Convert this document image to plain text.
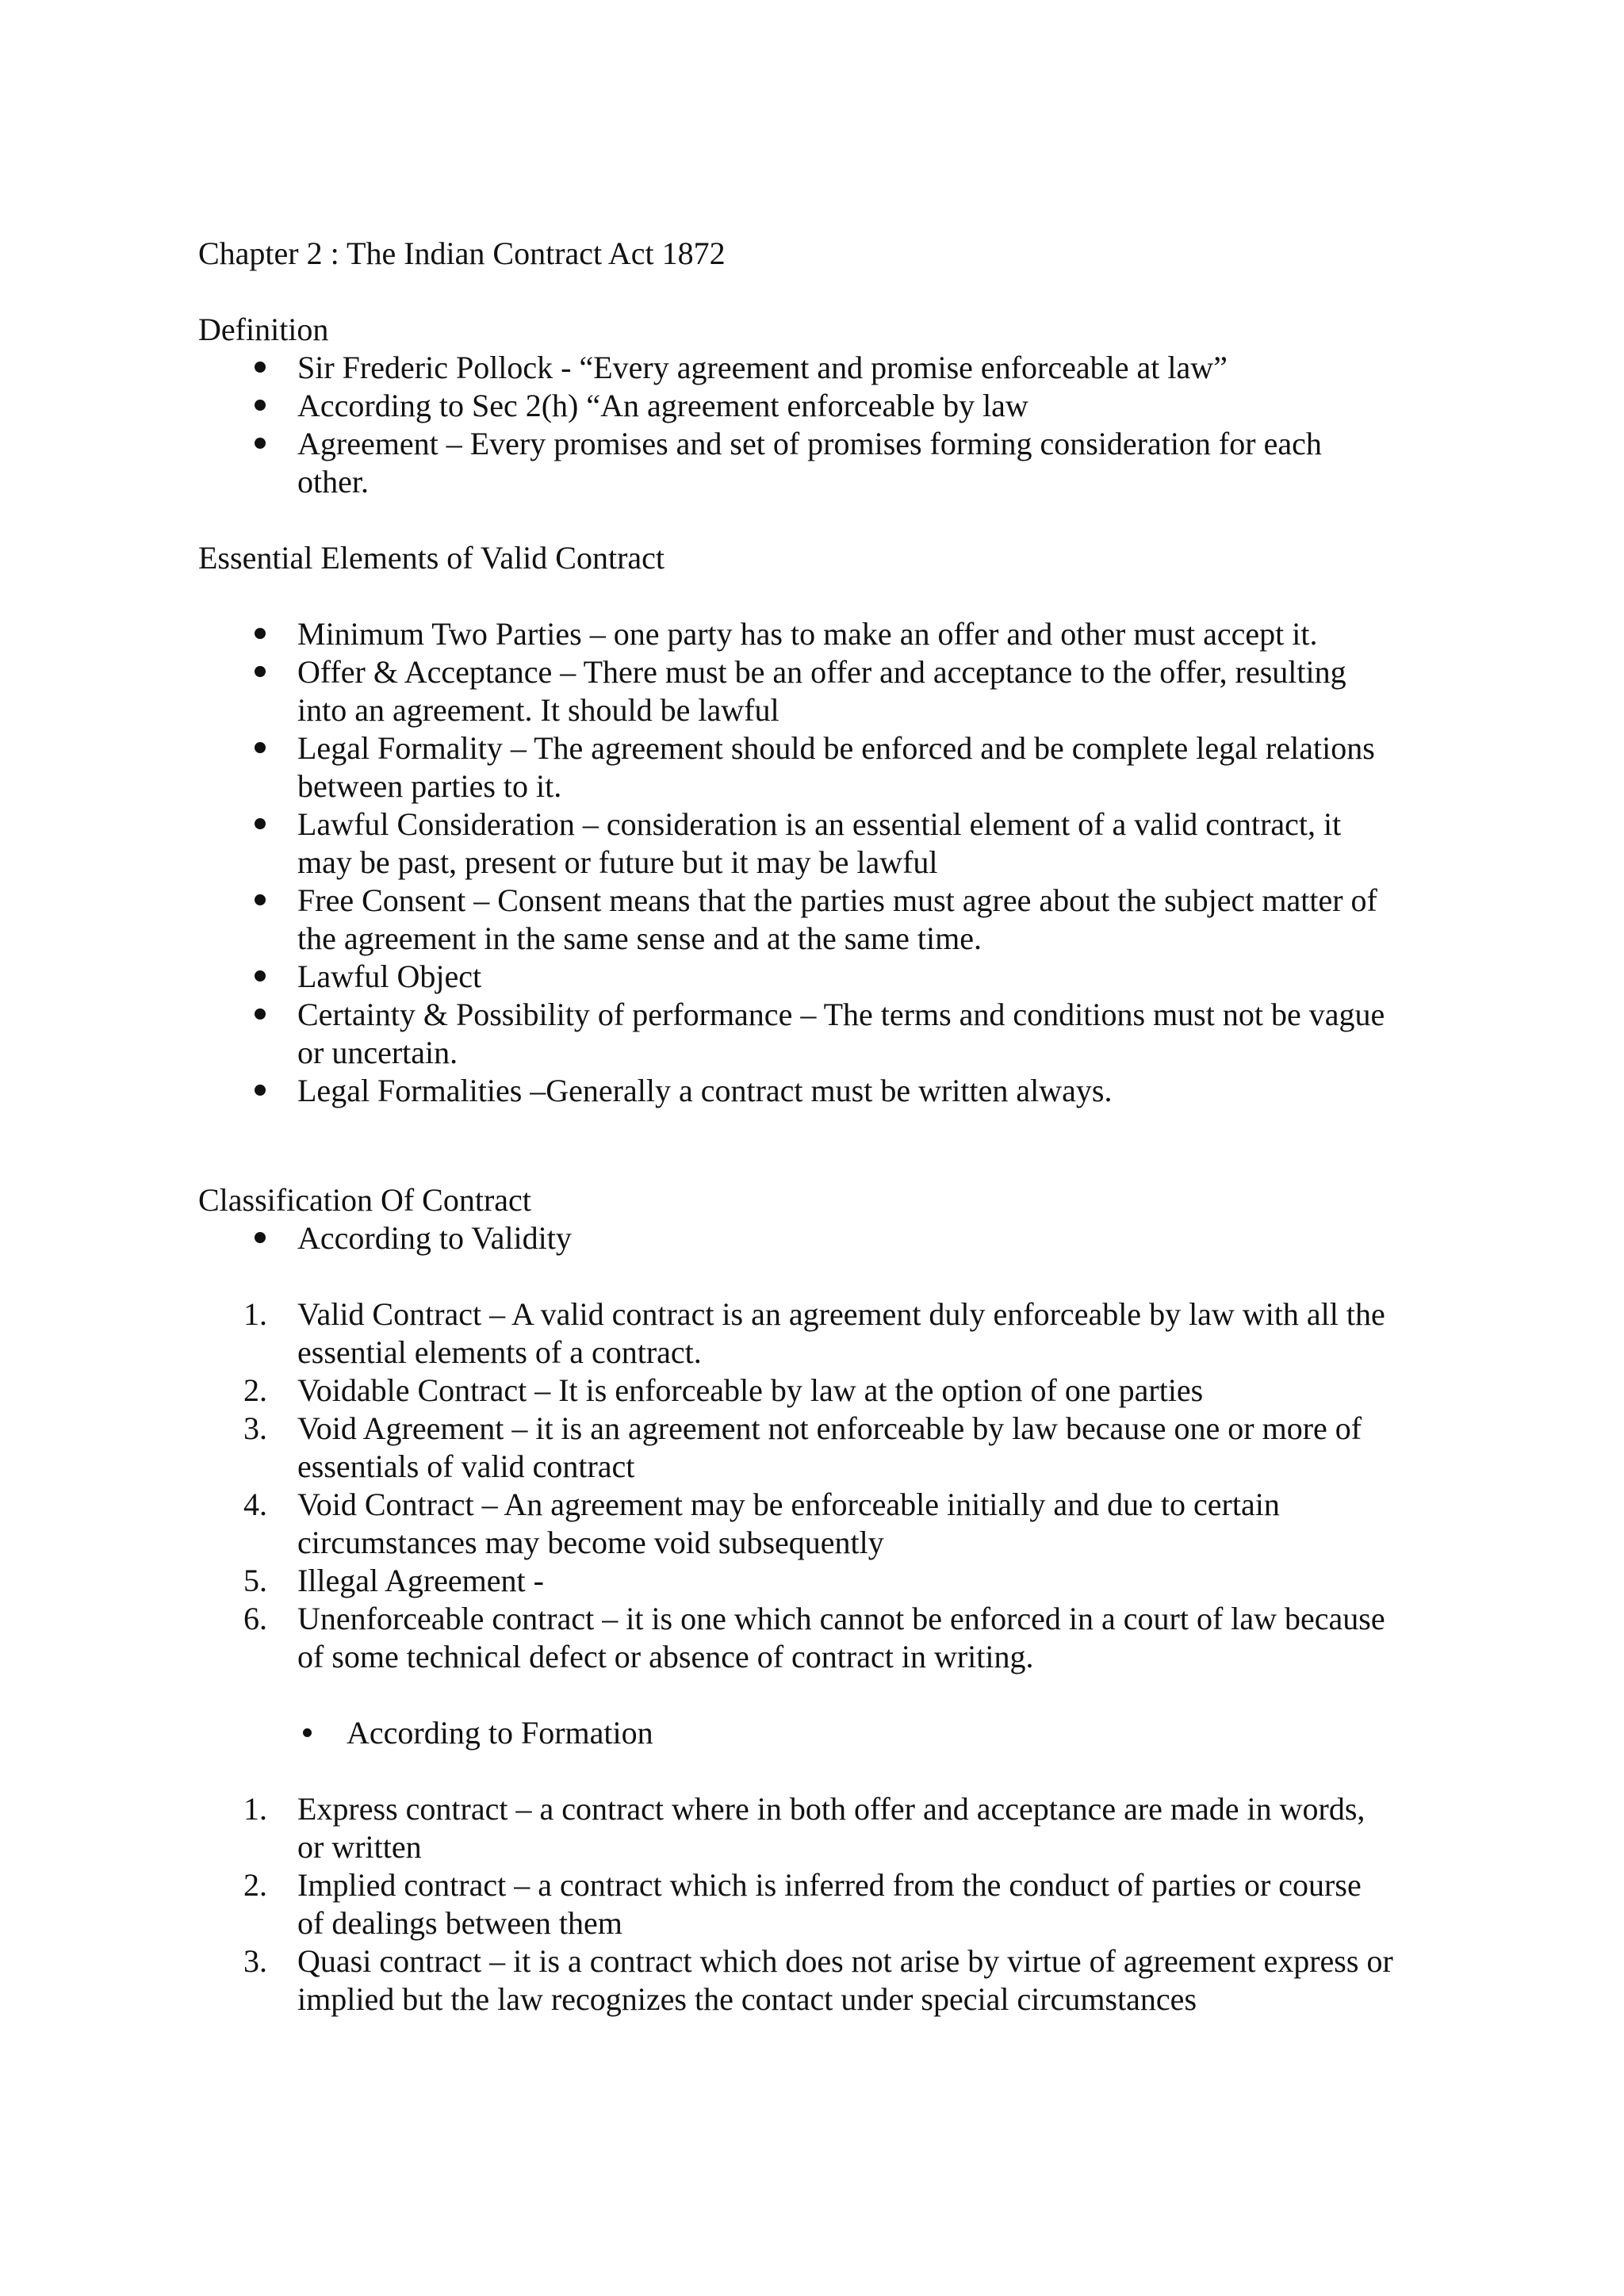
Chapter 2 : The Indian Contract Act 1872

Definition

Sir Frederic Pollock - “Every agreement and promise enforceable at law”
According to Sec 2(h) “An agreement enforceable by law
Agreement – Every promises and set of promises forming consideration for each
other.

Essential Elements of Valid Contract

Minimum Two Parties – one party has to make an offer and other must accept it.
Offer & Acceptance – There must be an offer and acceptance to the offer, resulting
into an agreement. It should be lawful
Legal Formality – The agreement should be enforced and be complete legal relations
between parties to it.
Lawful Consideration – consideration is an essential element of a valid contract, it
may be past, present or future but it may be lawful
Free Consent – Consent means that the parties must agree about the subject matter of
the agreement in the same sense and at the same time.
Lawful Object
Certainty & Possibility of performance – The terms and conditions must not be vague
or uncertain.
Legal Formalities –Generally a contract must be written always.

Classification Of Contract

According to Validity
1. Valid Contract – A valid contract is an agreement duly enforceable by law with all the
essential elements of a contract.
2. Voidable Contract – It is enforceable by law at the option of one parties
3. Void Agreement – it is an agreement not enforceable by law because one or more of
essentials of valid contract
4. Void Contract – An agreement may be enforceable initially and due to certain
circumstances may become void subsequently
5. Illegal Agreement -
6. Unenforceable contract – it is one which cannot be enforced in a court of law because
of some technical defect or absence of contract in writing.
According to Formation
1. Express contract – a contract where in both offer and acceptance are made in words,
or written
2. Implied contract – a contract which is inferred from the conduct of parties or course
of dealings between them
3. Quasi contract – it is a contract which does not arise by virtue of agreement express or
implied but the law recognizes the contact under special circumstances
